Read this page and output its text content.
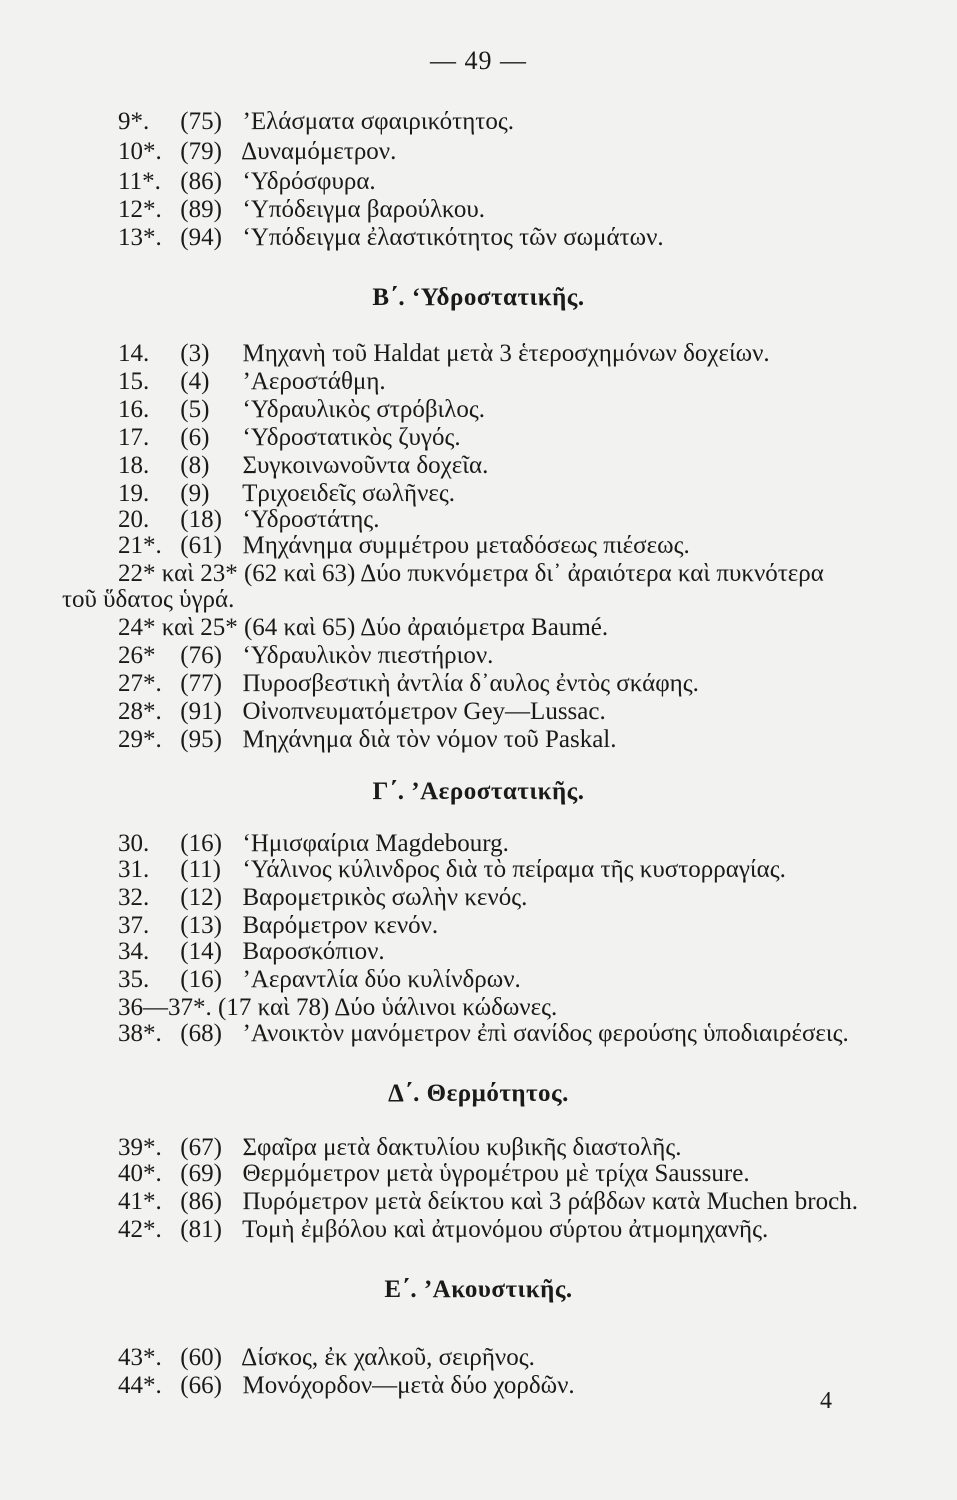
— 49 —
9*. (75) ’Ελάσματα σφαιρικότητος.
10*. (79) Δυναμόμετρον.
11*. (86) ‘Υδρόσφυρα.
12*. (89) ‘Υπόδειγμα βαρούλκου.
13*. (94) ‘Υπόδειγμα ἐλαστικότητος τῶν σωμάτων.
Β΄. ‘Υδροστατικῆς.
14. (3) Μηχανὴ τοῦ Haldat μετὰ 3 ἑτεροσχημόνων δοχείων.
15. (4) ’Αεροστάθμη.
16. (5) ‘Υδραυλικὸς στρόβιλος.
17. (6) ‘Υδροστατικὸς ζυγός.
18. (8) Συγκοινωνοῦντα δοχεῖα.
19. (9) Τριχοειδεῖς σωλῆνες.
20. (18) ‘Υδροστάτης.
21*. (61) Μηχάνημα συμμέτρου μεταδόσεως πιέσεως.
22* καὶ 23* (62 καὶ 63) Δύο πυκνόμετρα δι᾽ ἀραιότερα καὶ πυκνότερα
τοῦ ὕδατος ὑγρά.
24* καὶ 25* (64 καὶ 65) Δύο ἀραιόμετρα Baumé.
26* (76) ‘Υδραυλικὸν πιεστήριον.
27*. (77) Πυροσβεστικὴ ἀντλία δ᾽αυλος ἐντὸς σκάφης.
28*. (91) Οἰνοπνευματόμετρον Gey—Lussac.
29*. (95) Μηχάνημα διὰ τὸν νόμον τοῦ Paskal.
Γ΄. ’Αεροστατικῆς.
30. (16) ‘Ημισφαίρια Magdebourg.
31. (11) ‘Υάλινος κύλινδρος διὰ τὸ πείραμα τῆς κυστορραγίας.
32. (12) Βαρομετρικὸς σωλὴν κενός.
37. (13) Βαρόμετρον κενόν.
34. (14) Βαροσκόπιον.
35. (16) ’Αεραντλία δύο κυλίνδρων.
36—37*. (17 καὶ 78) Δύο ὑάλινοι κώδωνες.
38*. (68) ’Ανοικτὸν μανόμετρον ἐπὶ σανίδος φερούσης ὑποδιαιρέσεις.
Δ΄. Θερμότητος.
39*. (67) Σφαῖρα μετὰ δακτυλίου κυβικῆς διαστολῆς.
40*. (69) Θερμόμετρον μετὰ ὑγρομέτρου μὲ τρίχα Saussure.
41*. (86) Πυρόμετρον μετὰ δείκτου καὶ 3 ράβδων κατὰ Muchen broch.
42*. (81) Τομὴ ἐμβόλου καὶ ἀτμονόμου σύρτου ἀτμομηχανῆς.
Ε΄. ’Ακουστικῆς.
43*. (60) Δίσκος, ἐκ χαλκοῦ, σειρῆνος.
44*. (66) Μονόχορδον—μετὰ δύο χορδῶν.
4
